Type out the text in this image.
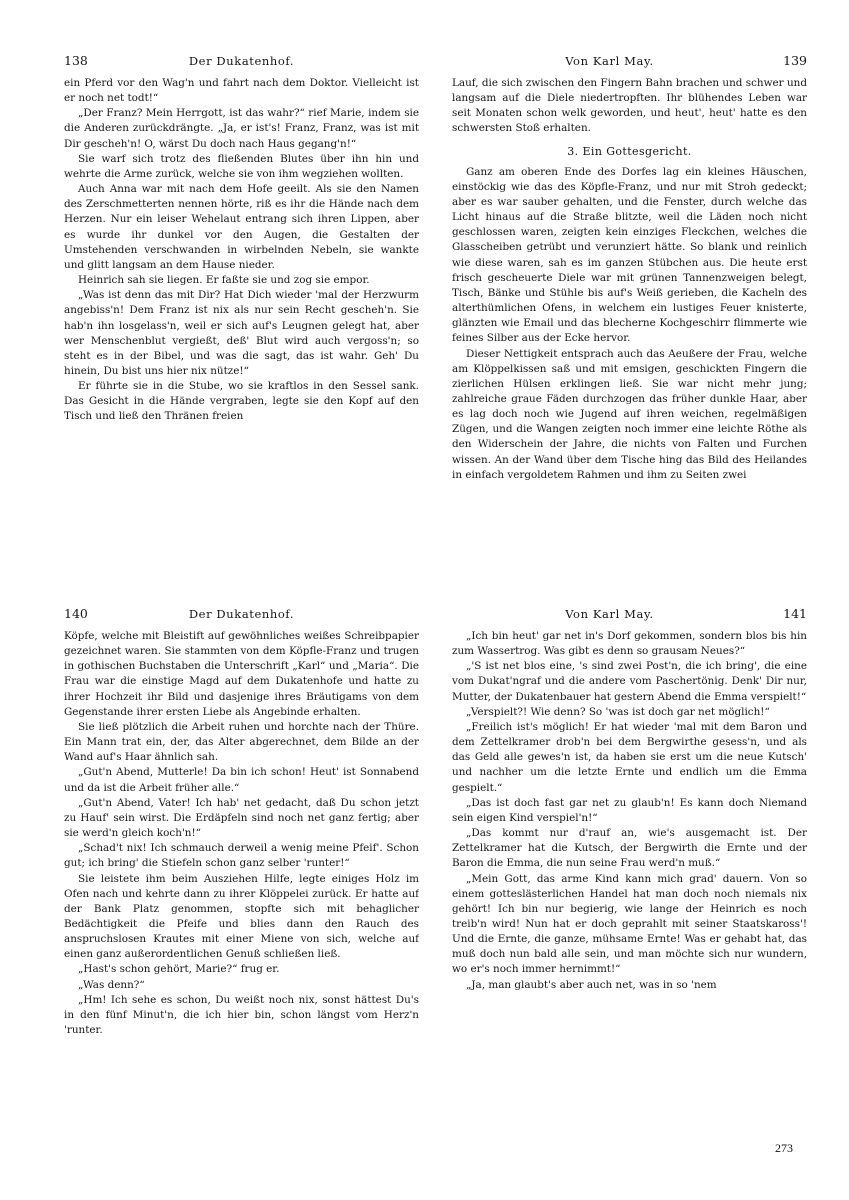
138	Der Dukatenhof.

ein Pferd vor den Wag'n und fahrt nach dem Doktor. Vielleicht ist er noch net todt!“

„Der Franz? Mein Herrgott, ist das wahr?“ rief Marie, indem sie die Anderen zurückdrängte. „Ja, er ist's! Franz, Franz, was ist mit Dir gescheh'n! O, wärst Du doch nach Haus gegang'n!“

Sie warf sich trotz des fließenden Blutes über ihn hin und wehrte die Arme zurück, welche sie von ihm wegziehen wollten.

Auch Anna war mit nach dem Hofe geeilt. Als sie den Namen des Zerschmetterten nennen hörte, riß es ihr die Hände nach dem Herzen. Nur ein leiser Wehelaut entrang sich ihren Lippen, aber es wurde ihr dunkel vor den Augen, die Gestalten der Umstehenden verschwanden in wirbelnden Nebeln, sie wankte und glitt langsam an dem Hause nieder.

Heinrich sah sie liegen. Er faßte sie und zog sie empor.

„Was ist denn das mit Dir? Hat Dich wieder 'mal der Herzwurm angebiss'n! Dem Franz ist nix als nur sein Recht gescheh'n. Sie hab'n ihn losgelass'n, weil er sich auf's Leugnen gelegt hat, aber wer Menschenblut vergießt, deß' Blut wird auch vergoss'n; so steht es in der Bibel, und was die sagt, das ist wahr. Geh' Du hinein, Du bist uns hier nix nütze!“

Er führte sie in die Stube, wo sie kraftlos in den Sessel sank. Das Gesicht in die Hände vergraben, legte sie den Kopf auf den Tisch und ließ den Thränen freien

Von Karl May.	139

Lauf, die sich zwischen den Fingern Bahn brachen und schwer und langsam auf die Diele niedertropften. Ihr blühendes Leben war seit Monaten schon welk geworden, und heut', heut' hatte es den schwersten Stoß erhalten.

3. Ein Gottesgericht.

Ganz am oberen Ende des Dorfes lag ein kleines Häuschen, einstöckig wie das des Köpfle-Franz, und nur mit Stroh gedeckt; aber es war sauber gehalten, und die Fenster, durch welche das Licht hinaus auf die Straße blitzte, weil die Läden noch nicht geschlossen waren, zeigten kein einziges Fleckchen, welches die Glasscheiben getrübt und verunziert hätte. So blank und reinlich wie diese waren, sah es im ganzen Stübchen aus. Die heute erst frisch gescheuerte Diele war mit grünen Tannenzweigen belegt, Tisch, Bänke und Stühle bis auf's Weiß gerieben, die Kacheln des alterthümlichen Ofens, in welchem ein lustiges Feuer knisterte, glänzten wie Email und das blecherne Kochgeschirr flimmerte wie feines Silber aus der Ecke hervor.

Dieser Nettigkeit entsprach auch das Aeußere der Frau, welche am Klöppelkissen saß und mit emsigen, geschickten Fingern die zierlichen Hülsen erklingen ließ. Sie war nicht mehr jung; zahlreiche graue Fäden durchzogen das früher dunkle Haar, aber es lag doch noch wie Jugend auf ihren weichen, regelmäßigen Zügen, und die Wangen zeigten noch immer eine leichte Röthe als den Widerschein der Jahre, die nichts von Falten und Furchen wissen. An der Wand über dem Tische hing das Bild des Heilandes in einfach vergoldetem Rahmen und ihm zu Seiten zwei

140	Der Dukatenhof.

Köpfe, welche mit Bleistift auf gewöhnliches weißes Schreibpapier gezeichnet waren. Sie stammten von dem Köpfle-Franz und trugen in gothischen Buchstaben die Unterschrift „Karl“ und „Maria“. Die Frau war die einstige Magd auf dem Dukatenhofe und hatte zu ihrer Hochzeit ihr Bild und dasjenige ihres Bräutigams von dem Gegenstande ihrer ersten Liebe als Angebinde erhalten.

Sie ließ plötzlich die Arbeit ruhen und horchte nach der Thüre. Ein Mann trat ein, der, das Alter abgerechnet, dem Bilde an der Wand auf's Haar ähnlich sah.

„Gut'n Abend, Mutterle! Da bin ich schon! Heut' ist Sonnabend und da ist die Arbeit früher alle.“

„Gut'n Abend, Vater! Ich hab' net gedacht, daß Du schon jetzt zu Hauf' sein wirst. Die Erdäpfeln sind noch net ganz fertig; aber sie werd'n gleich koch'n!“

„Schad't nix! Ich schmauch derweil a wenig meine Pfeif'. Schon gut; ich bring' die Stiefeln schon ganz selber 'runter!“

Sie leistete ihm beim Ausziehen Hilfe, legte einiges Holz im Ofen nach und kehrte dann zu ihrer Klöppelei zurück. Er hatte auf der Bank Platz genommen, stopfte sich mit behaglicher Bedächtigkeit die Pfeife und blies dann den Rauch des anspruchslosen Krautes mit einer Miene von sich, welche auf einen ganz außerordentlichen Genuß schließen ließ.

„Hast's schon gehört, Marie?“ frug er.

„Was denn?“

„Hm! Ich sehe es schon, Du weißt noch nix, sonst hättest Du's in den fünf Minut'n, die ich hier bin, schon längst vom Herz'n 'runter.

Von Karl May.	141

„Ich bin heut' gar net in's Dorf gekommen, sondern blos bis hin zum Wassertrog. Was gibt es denn so grausam Neues?“

„'S ist net blos eine, 's sind zwei Post'n, die ich bring', die eine vom Dukat'ngraf und die andere vom Paschertönig. Denk' Dir nur, Mutter, der Dukatenbauer hat gestern Abend die Emma verspielt!“

„Verspielt?! Wie denn? So 'was ist doch gar net möglich!“

„Freilich ist's möglich! Er hat wieder 'mal mit dem Baron und dem Zettelkramer drob'n bei dem Bergwirthe gesess'n, und als das Geld alle gewes'n ist, da haben sie erst um die neue Kutsch' und nachher um die letzte Ernte und endlich um die Emma gespielt.“

„Das ist doch fast gar net zu glaub'n! Es kann doch Niemand sein eigen Kind verspiel'n!“

„Das kommt nur d'rauf an, wie's ausgemacht ist. Der Zettelkramer hat die Kutsch, der Bergwirth die Ernte und der Baron die Emma, die nun seine Frau werd'n muß.“

„Mein Gott, das arme Kind kann mich grad' dauern. Von so einem gotteslästerlichen Handel hat man doch noch niemals nix gehört! Ich bin nur begierig, wie lange der Heinrich es noch treib'n wird! Nun hat er doch geprahlt mit seiner Staatskaross'! Und die Ernte, die ganze, mühsame Ernte! Was er gehabt hat, das muß doch nun bald alle sein, und man möchte sich nur wundern, wo er's noch immer hernimmt!“

„Ja, man glaubt's aber auch net, was in so 'nem

273
